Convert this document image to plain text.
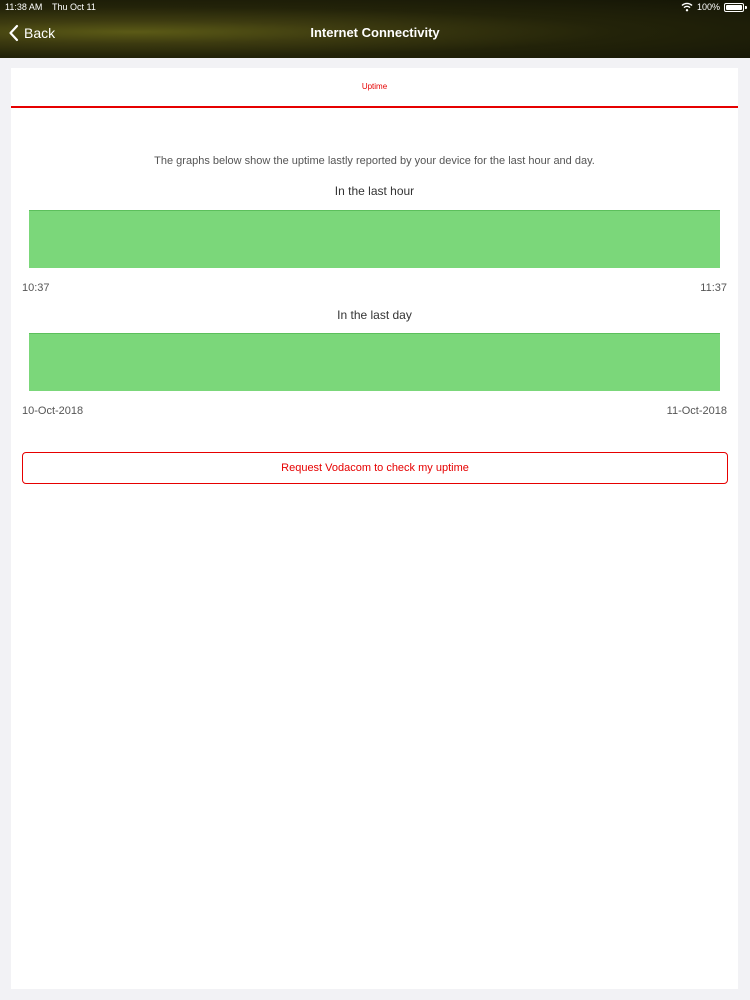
11:38 AM Thu Oct 11	100%
Back	Internet Connectivity
Uptime
The graphs below show the uptime lastly reported by your device for the last hour and day.
In the last hour
10:37	11:37
In the last day
10-Oct-2018	11-Oct-2018
Request Vodacom to check my uptime
